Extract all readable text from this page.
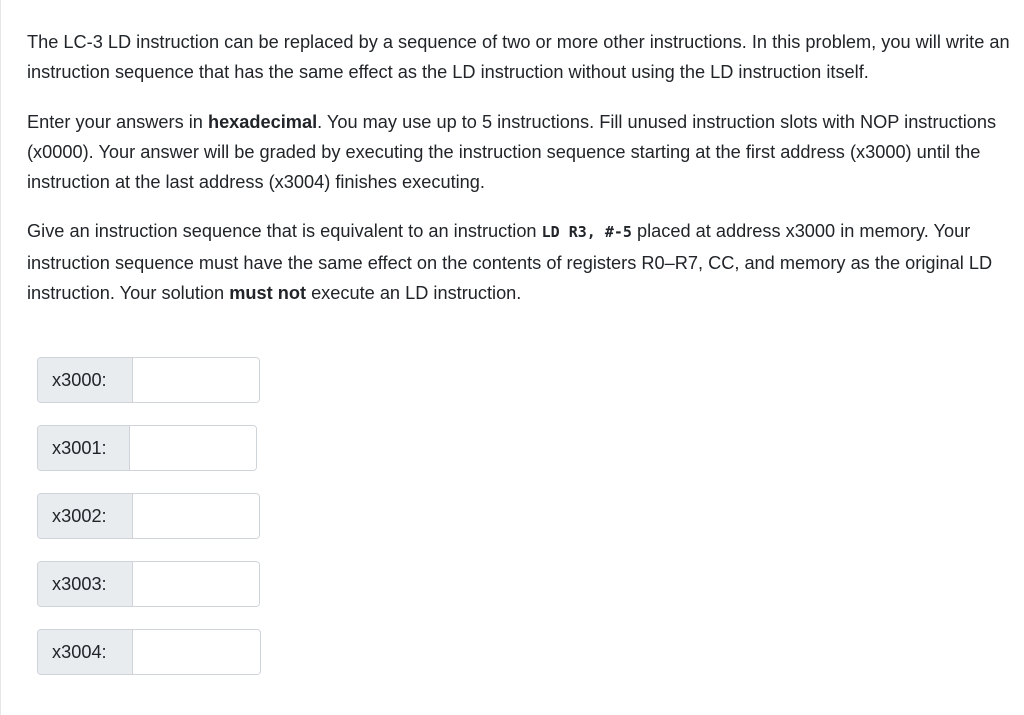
The LC-3 LD instruction can be replaced by a sequence of two or more other instructions. In this problem, you will write an instruction sequence that has the same effect as the LD instruction without using the LD instruction itself.

Enter your answers in hexadecimal. You may use up to 5 instructions. Fill unused instruction slots with NOP instructions (x0000). Your answer will be graded by executing the instruction sequence starting at the first address (x3000) until the instruction at the last address (x3004) finishes executing.

Give an instruction sequence that is equivalent to an instruction LD R3, #-5 placed at address x3000 in memory. Your instruction sequence must have the same effect on the contents of registers R0–R7, CC, and memory as the original LD instruction. Your solution must not execute an LD instruction.

x3000:
x3001:
x3002:
x3003:
x3004:
